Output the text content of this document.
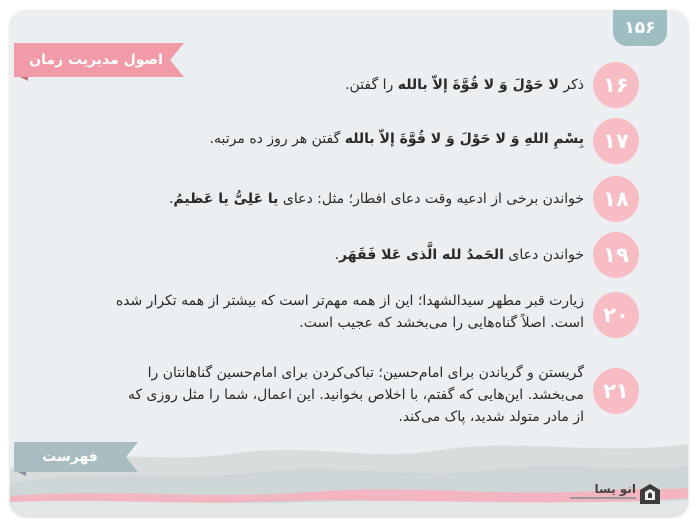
۱۵۶
اصول مدیریت زمان
۱۶
ذکر لا حَوْلَ وَ لا قُوَّةَ إلاّ بالله را گفتن.
۱۷
بِسْمِ اللهِ وَ لا حَوْلَ وَ لا قُوَّةَ إلاّ بالله گفتن هر روز ده مرتبه.
۱۸
خواندن برخی از ادعیه وقت دعای افطار؛ مثل: دعای یا عَلِیُّ یا عَظیمُ.
۱۹
خواندن دعای الحَمدُ لله الَّذی عَلا فَقَهَر.
۲۰
زیارت قبر مطهر سیدالشهدا؛ این از همه مهم‌تر است که بیشتر از همه تکرار شده است. اصلاً گناه‌هایی را می‌بخشد که عجیب است.
۲۱
گریستن و گریاندن برای امام‌حسین؛ تباکی‌کردن برای امام‌حسین گناهانتان را می‌بخشد. این‌هایی که گفتم، با اخلاص بخوانید. این اعمال، شما را مثل روزی که از مادر متولد شدید، پاک می‌کند.
فهرست
انو یسا
